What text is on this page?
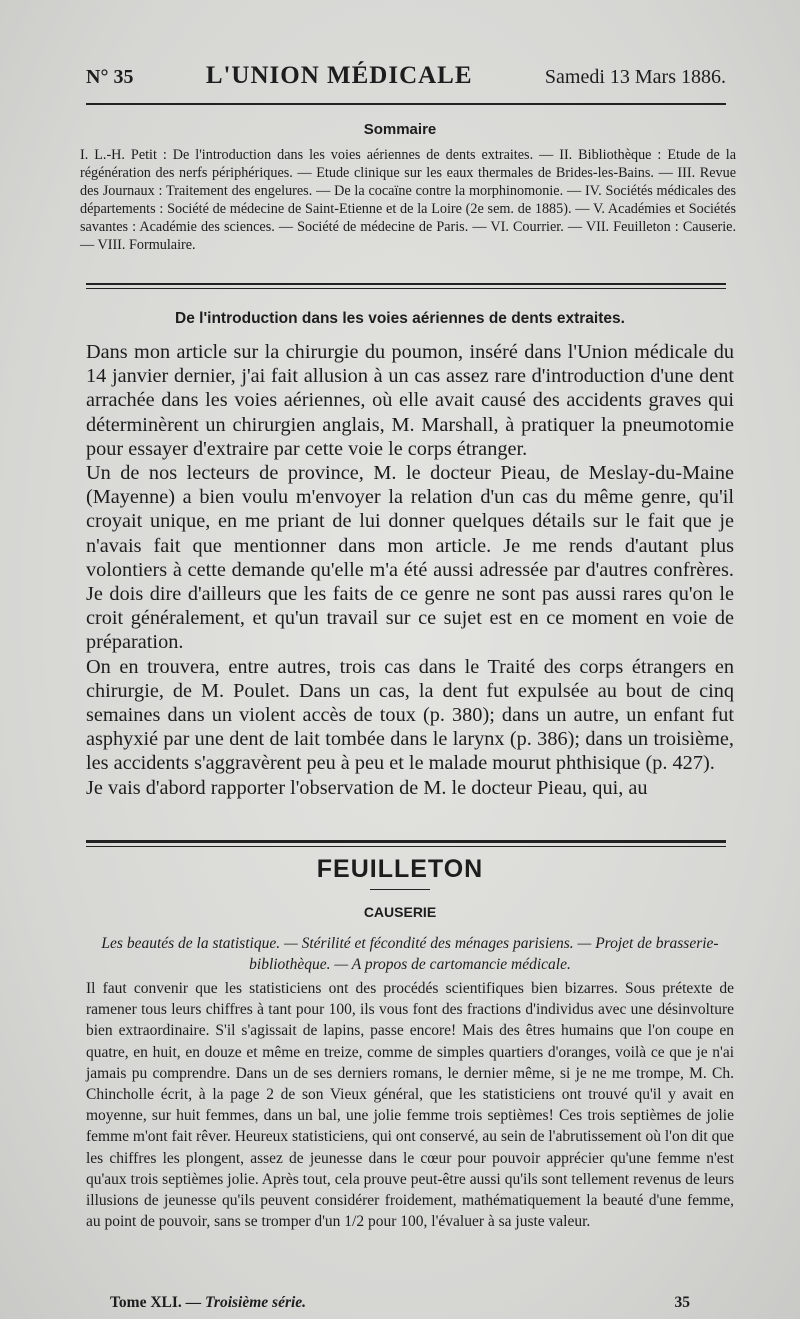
N° 35	L'UNION MÉDICALE	Samedi 13 Mars 1886.
Sommaire
I. L.-H. Petit : De l'introduction dans les voies aériennes de dents extraites. — II. Bibliothèque : Etude de la régénération des nerfs périphériques. — Etude clinique sur les eaux thermales de Brides-les-Bains. — III. Revue des Journaux : Traitement des engelures. — De la cocaïne contre la morphinomonie. — IV. Sociétés médicales des départements : Société de médecine de Saint-Etienne et de la Loire (2e sem. de 1885). — V. Académies et Sociétés savantes : Académie des sciences. — Société de médecine de Paris. — VI. Courrier. — VII. Feuilleton : Causerie. — VIII. Formulaire.
De l'introduction dans les voies aériennes de dents extraites.

Dans mon article sur la chirurgie du poumon, inséré dans l'Union médicale du 14 janvier dernier, j'ai fait allusion à un cas assez rare d'introduction d'une dent arrachée dans les voies aériennes, où elle avait causé des accidents graves qui déterminèrent un chirurgien anglais, M. Marshall, à pratiquer la pneumotomie pour essayer d'extraire par cette voie le corps étranger.

Un de nos lecteurs de province, M. le docteur Pieau, de Meslay-du-Maine (Mayenne) a bien voulu m'envoyer la relation d'un cas du même genre, qu'il croyait unique, en me priant de lui donner quelques détails sur le fait que je n'avais fait que mentionner dans mon article. Je me rends d'autant plus volontiers à cette demande qu'elle m'a été aussi adressée par d'autres confrères. Je dois dire d'ailleurs que les faits de ce genre ne sont pas aussi rares qu'on le croit généralement, et qu'un travail sur ce sujet est en ce moment en voie de préparation.

On en trouvera, entre autres, trois cas dans le Traité des corps étrangers en chirurgie, de M. Poulet. Dans un cas, la dent fut expulsée au bout de cinq semaines dans un violent accès de toux (p. 380); dans un autre, un enfant fut asphyxié par une dent de lait tombée dans le larynx (p. 386); dans un troisième, les accidents s'aggravèrent peu à peu et le malade mourut phthisique (p. 427).

Je vais d'abord rapporter l'observation de M. le docteur Pieau, qui, au

FEUILLETON
CAUSERIE
Les beautés de la statistique. — Stérilité et fécondité des ménages parisiens. — Projet de brasserie-bibliothèque. — A propos de cartomancie médicale.
Il faut convenir que les statisticiens ont des procédés scientifiques bien bizarres. Sous prétexte de ramener tous leurs chiffres à tant pour 100, ils vous font des fractions d'individus avec une désinvolture bien extraordinaire. S'il s'agissait de lapins, passe encore! Mais des êtres humains que l'on coupe en quatre, en huit, en douze et même en treize, comme de simples quartiers d'oranges, voilà ce que je n'ai jamais pu comprendre. Dans un de ses derniers romans, le dernier même, si je ne me trompe, M. Ch. Chincholle écrit, à la page 2 de son Vieux général, que les statisticiens ont trouvé qu'il y avait en moyenne, sur huit femmes, dans un bal, une jolie femme trois septièmes! Ces trois septièmes de jolie femme m'ont fait rêver. Heureux statisticiens, qui ont conservé, au sein de l'abrutissement où l'on dit que les chiffres les plongent, assez de jeunesse dans le cœur pour pouvoir apprécier qu'une femme n'est qu'aux trois septièmes jolie. Après tout, cela prouve peut-être aussi qu'ils sont tellement revenus de leurs illusions de jeunesse qu'ils peuvent considérer froidement, mathématiquement la beauté d'une femme, au point de pouvoir, sans se tromper d'un 1/2 pour 100, l'évaluer à sa juste valeur.
Tome XLI. — Troisième série.	35
